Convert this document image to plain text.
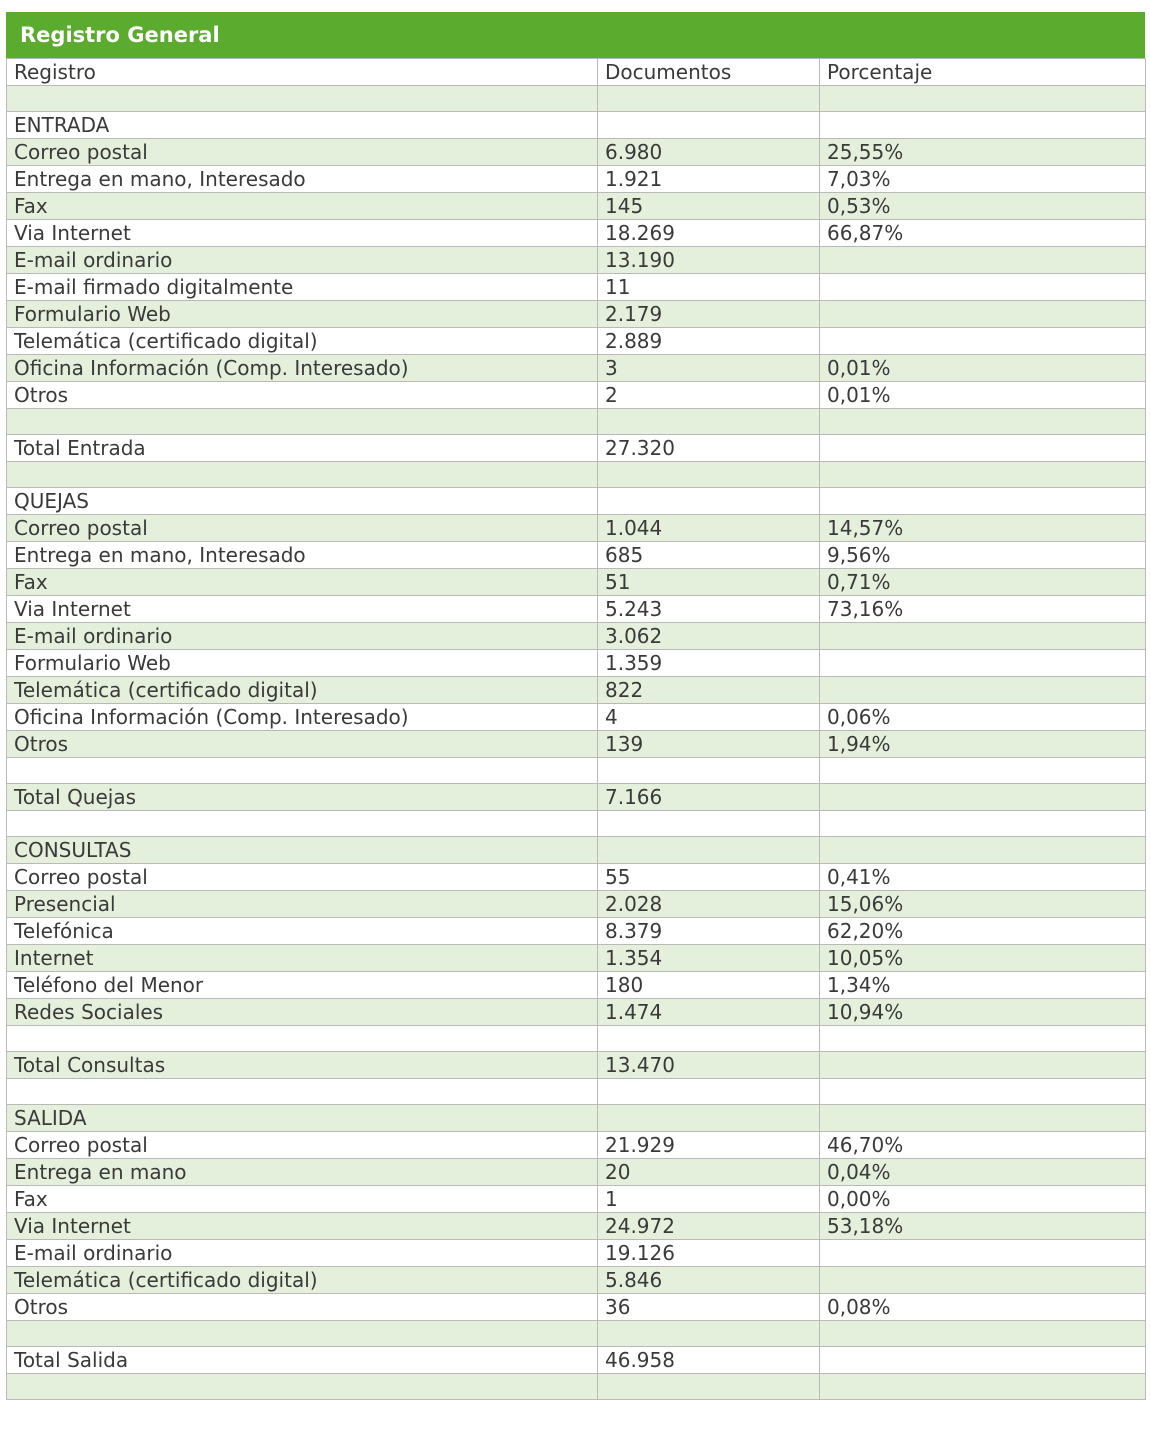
Registro General
Registro	Documentos	Porcentaje

ENTRADA		
Correo postal	6.980	25,55%
Entrega en mano, Interesado	1.921	7,03%
Fax	145	0,53%
Via Internet	18.269	66,87%
E-mail ordinario	13.190	
E-mail firmado digitalmente	11	
Formulario Web	2.179	
Telemática (certificado digital)	2.889	
Oficina Información (Comp. Interesado)	3	0,01%
Otros	2	0,01%

Total Entrada	27.320	

QUEJAS		
Correo postal	1.044	14,57%
Entrega en mano, Interesado	685	9,56%
Fax	51	0,71%
Via Internet	5.243	73,16%
E-mail ordinario	3.062	
Formulario Web	1.359	
Telemática (certificado digital)	822	
Oficina Información (Comp. Interesado)	4	0,06%
Otros	139	1,94%

Total Quejas	7.166	

CONSULTAS		
Correo postal	55	0,41%
Presencial	2.028	15,06%
Telefónica	8.379	62,20%
Internet	1.354	10,05%
Teléfono del Menor	180	1,34%
Redes Sociales	1.474	10,94%

Total Consultas	13.470	

SALIDA		
Correo postal	21.929	46,70%
Entrega en mano	20	0,04%
Fax	1	0,00%
Via Internet	24.972	53,18%
E-mail ordinario	19.126	
Telemática (certificado digital)	5.846	
Otros	36	0,08%

Total Salida	46.958	
